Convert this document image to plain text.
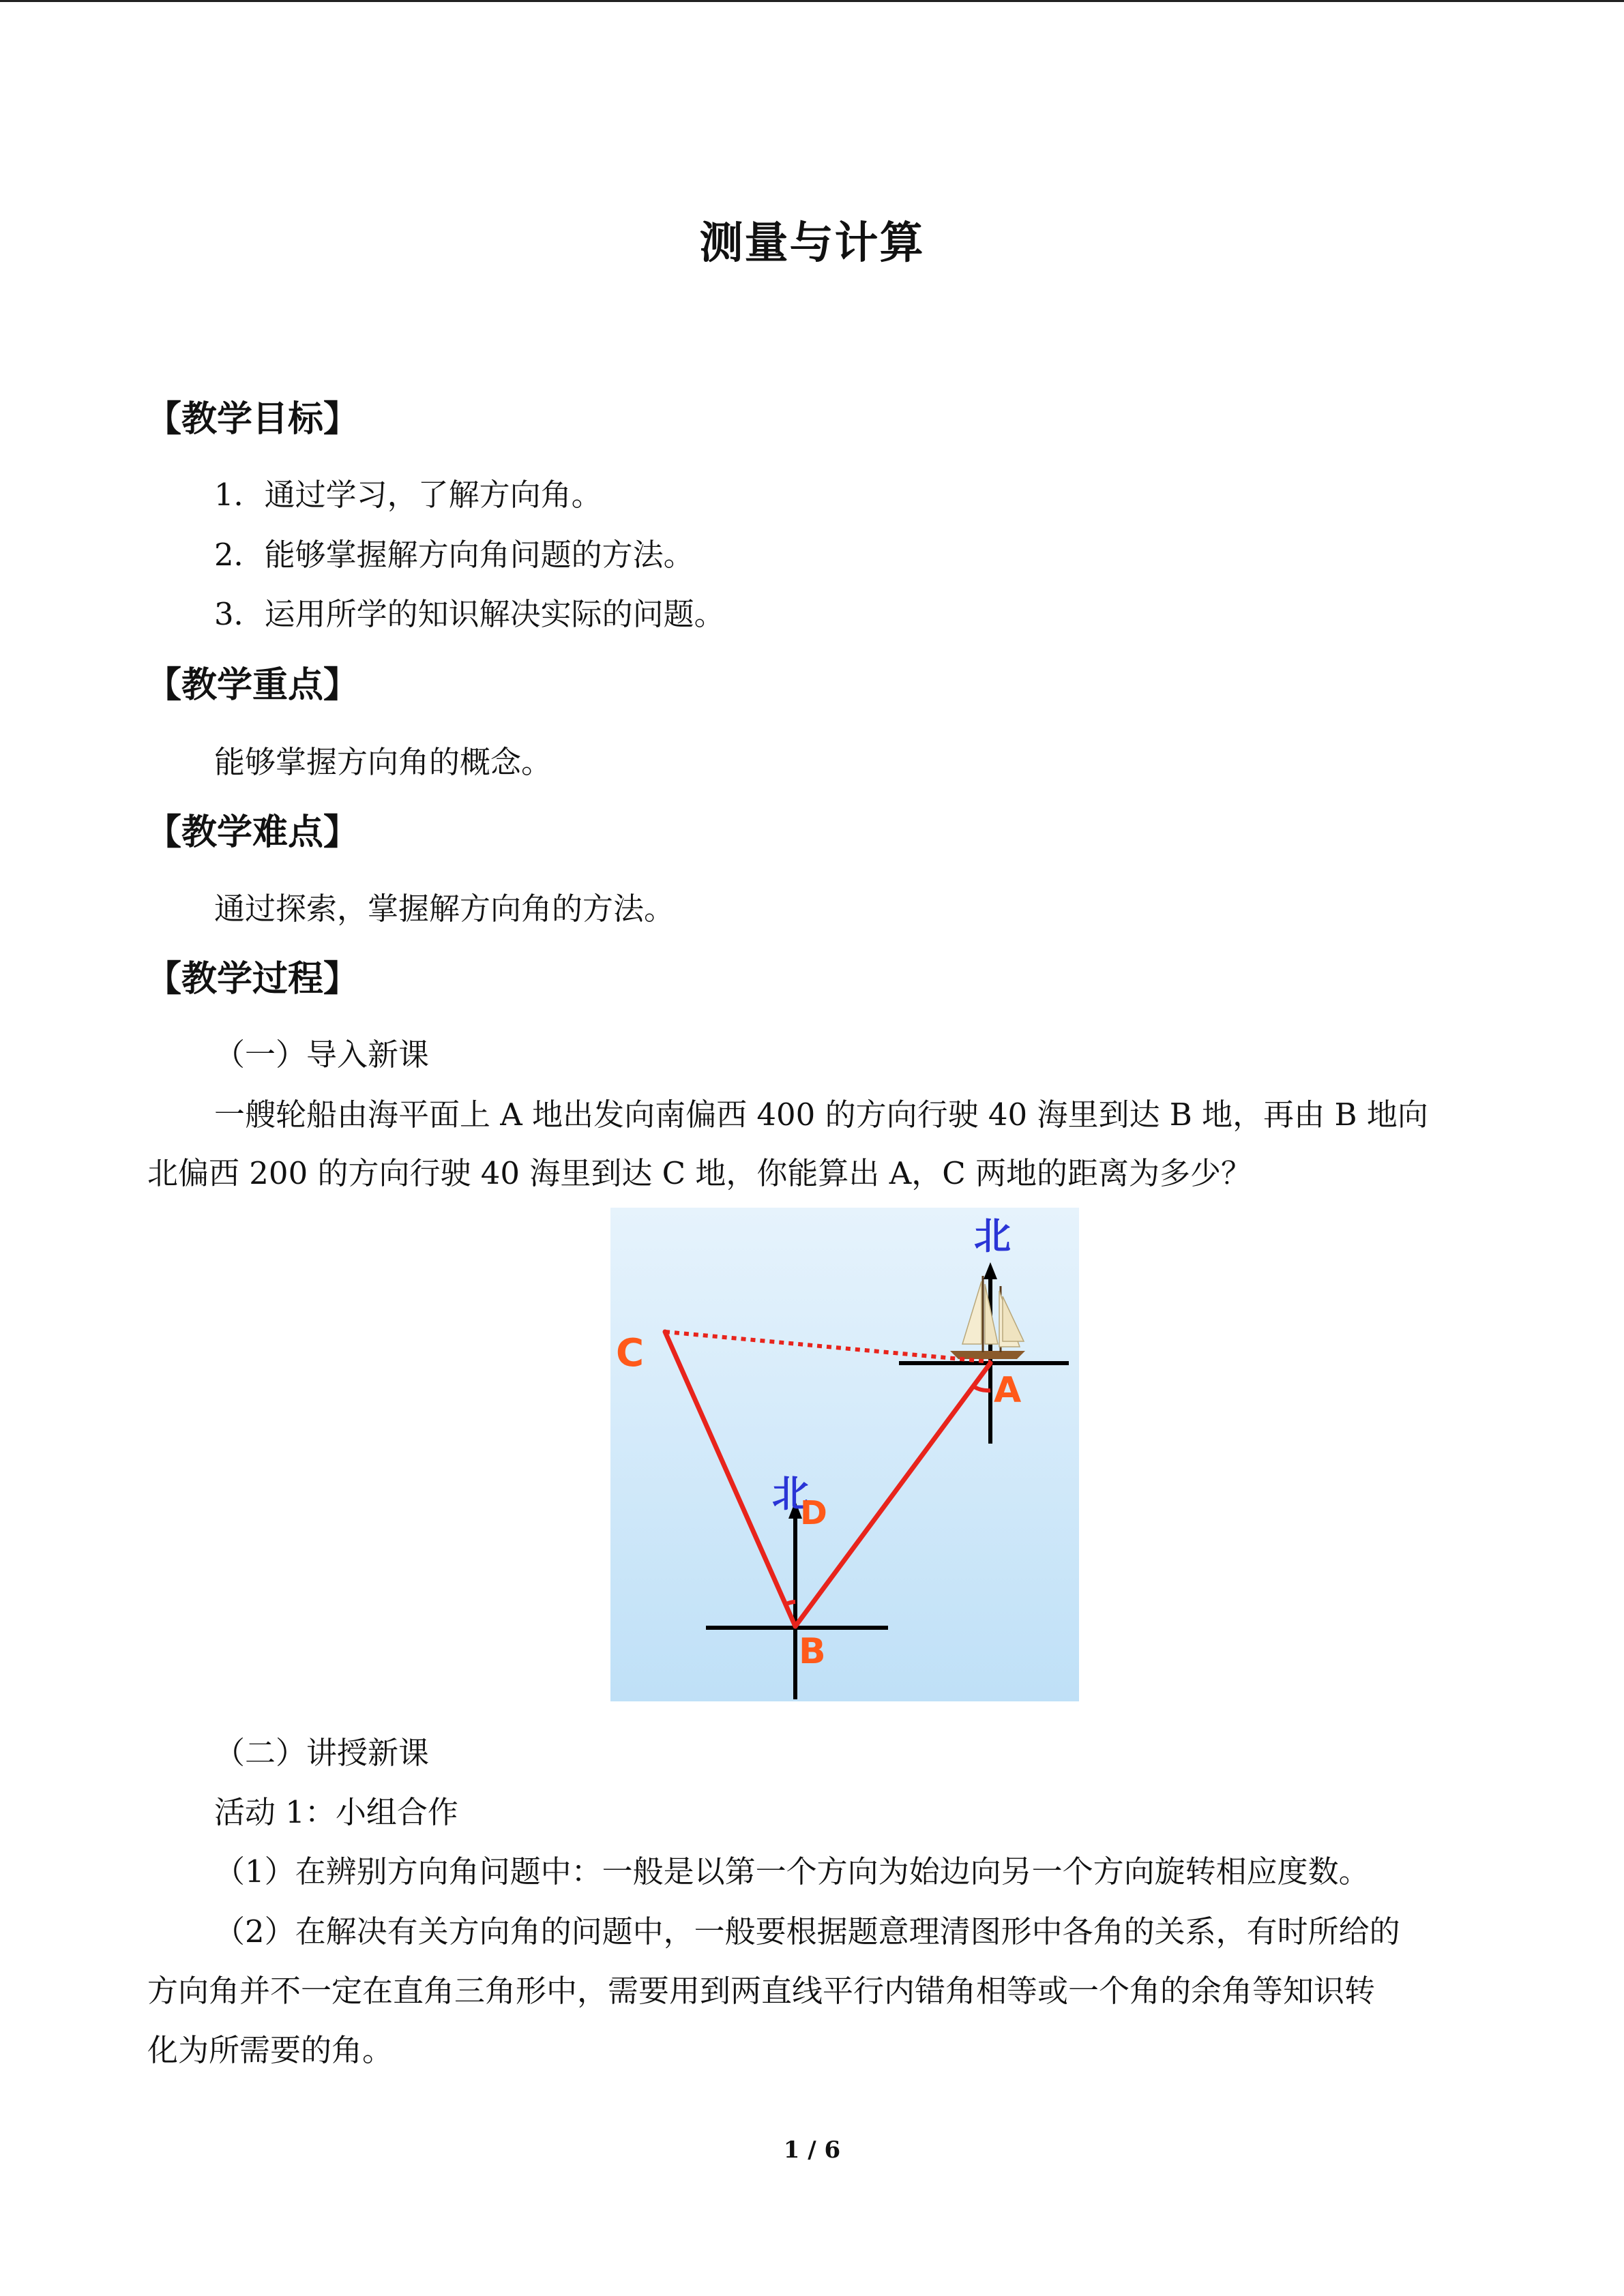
测量与计算
【教学目标】
1．通过学习，了解方向角。
2．能够掌握解方向角问题的方法。
3．运用所学的知识解决实际的问题。
【教学重点】
能够掌握方向角的概念。
【教学难点】
通过探索，掌握解方向角的方法。
【教学过程】
（一）导入新课
一艘轮船由海平面上 A 地出发向南偏西 400 的方向行驶 40 海里到达 B 地，再由 B 地向
北偏西 200 的方向行驶 40 海里到达 C 地，你能算出 A，C 两地的距离为多少？
北
北
C
A
D
B
（二）讲授新课
活动 1：小组合作
（1）在辨别方向角问题中：一般是以第一个方向为始边向另一个方向旋转相应度数。
（2）在解决有关方向角的问题中，一般要根据题意理清图形中各角的关系，有时所给的
方向角并不一定在直角三角形中，需要用到两直线平行内错角相等或一个角的余角等知识转
化为所需要的角。
1 / 6
